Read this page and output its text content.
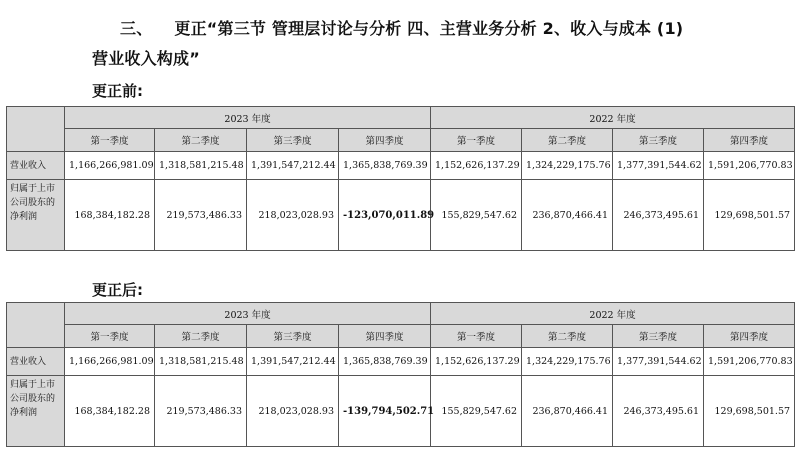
三、 更正“第三节 管理层讨论与分析 四、主营业务分析 2、收入与成本 (1)
营业收入构成”
更正前:
	2023 年度				2022 年度			
	第一季度	第二季度	第三季度	第四季度	第一季度	第二季度	第三季度	第四季度
营业收入	1,166,266,981.09	1,318,581,215.48	1,391,547,212.44	1,365,838,769.39	1,152,626,137.29	1,324,229,175.76	1,377,391,544.62	1,591,206,770.83
归属于上市公司股东的净利润	168,384,182.28	219,573,486.33	218,023,028.93	-123,070,011.89	155,829,547.62	236,870,466.41	246,373,495.61	129,698,501.57
更正后:
	2023 年度				2022 年度			
	第一季度	第二季度	第三季度	第四季度	第一季度	第二季度	第三季度	第四季度
营业收入	1,166,266,981.09	1,318,581,215.48	1,391,547,212.44	1,365,838,769.39	1,152,626,137.29	1,324,229,175.76	1,377,391,544.62	1,591,206,770.83
归属于上市公司股东的净利润	168,384,182.28	219,573,486.33	218,023,028.93	-139,794,502.71	155,829,547.62	236,870,466.41	246,373,495.61	129,698,501.57
